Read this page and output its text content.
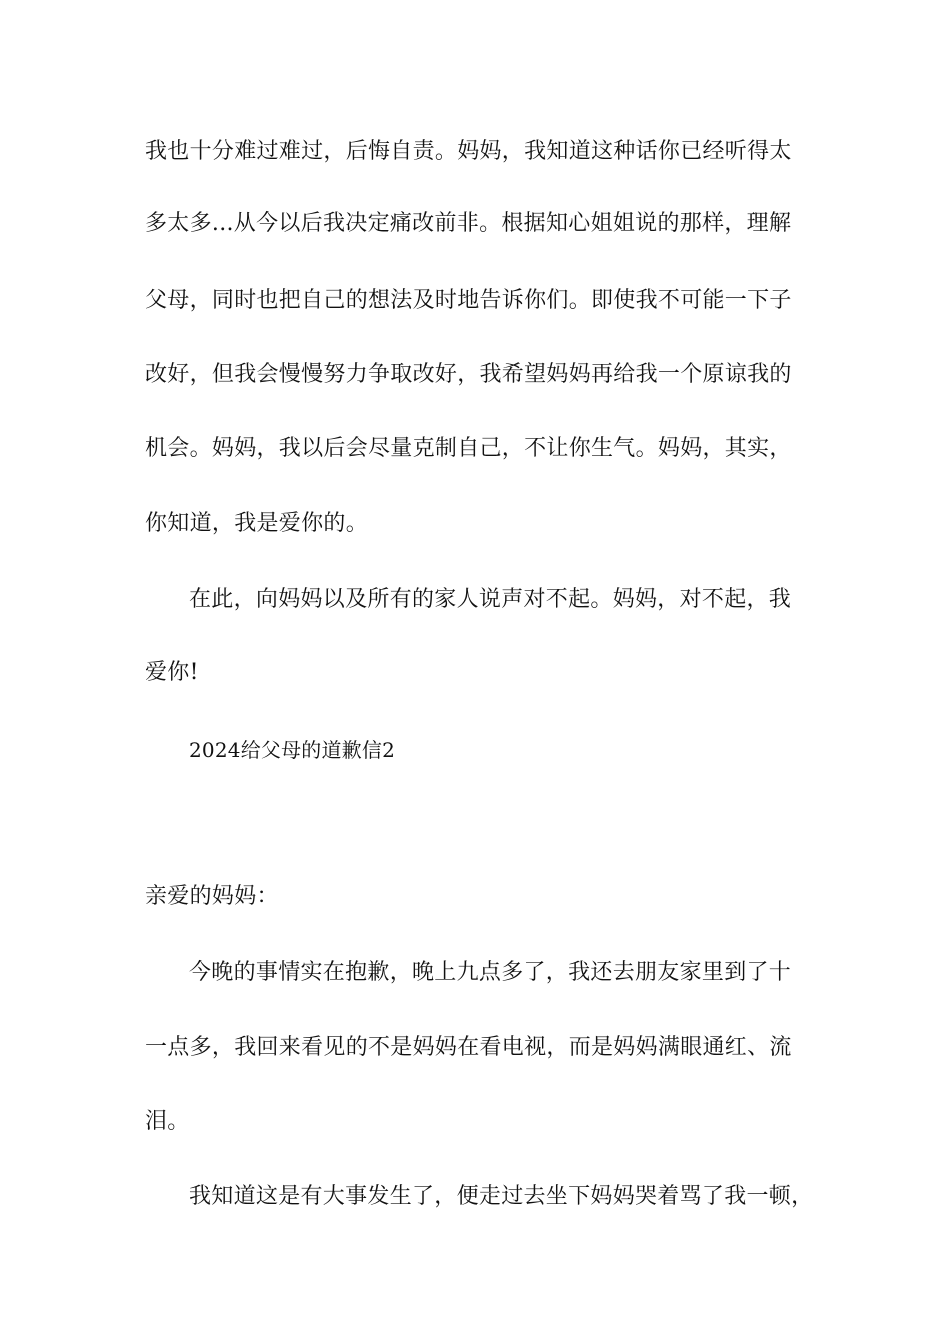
我也十分难过难过，后悔自责。妈妈，我知道这种话你已经听得太

多太多...从今以后我决定痛改前非。根据知心姐姐说的那样，理解

父母，同时也把自己的想法及时地告诉你们。即使我不可能一下子

改好，但我会慢慢努力争取改好，我希望妈妈再给我一个原谅我的

机会。妈妈，我以后会尽量克制自己，不让你生气。妈妈，其实，

你知道，我是爱你的。

在此，向妈妈以及所有的家人说声对不起。妈妈，对不起，我

爱你!

2024给父母的道歉信2

亲爱的妈妈：

今晚的事情实在抱歉，晚上九点多了，我还去朋友家里到了十

一点多，我回来看见的不是妈妈在看电视，而是妈妈满眼通红、流

泪。

我知道这是有大事发生了，便走过去坐下妈妈哭着骂了我一顿，
